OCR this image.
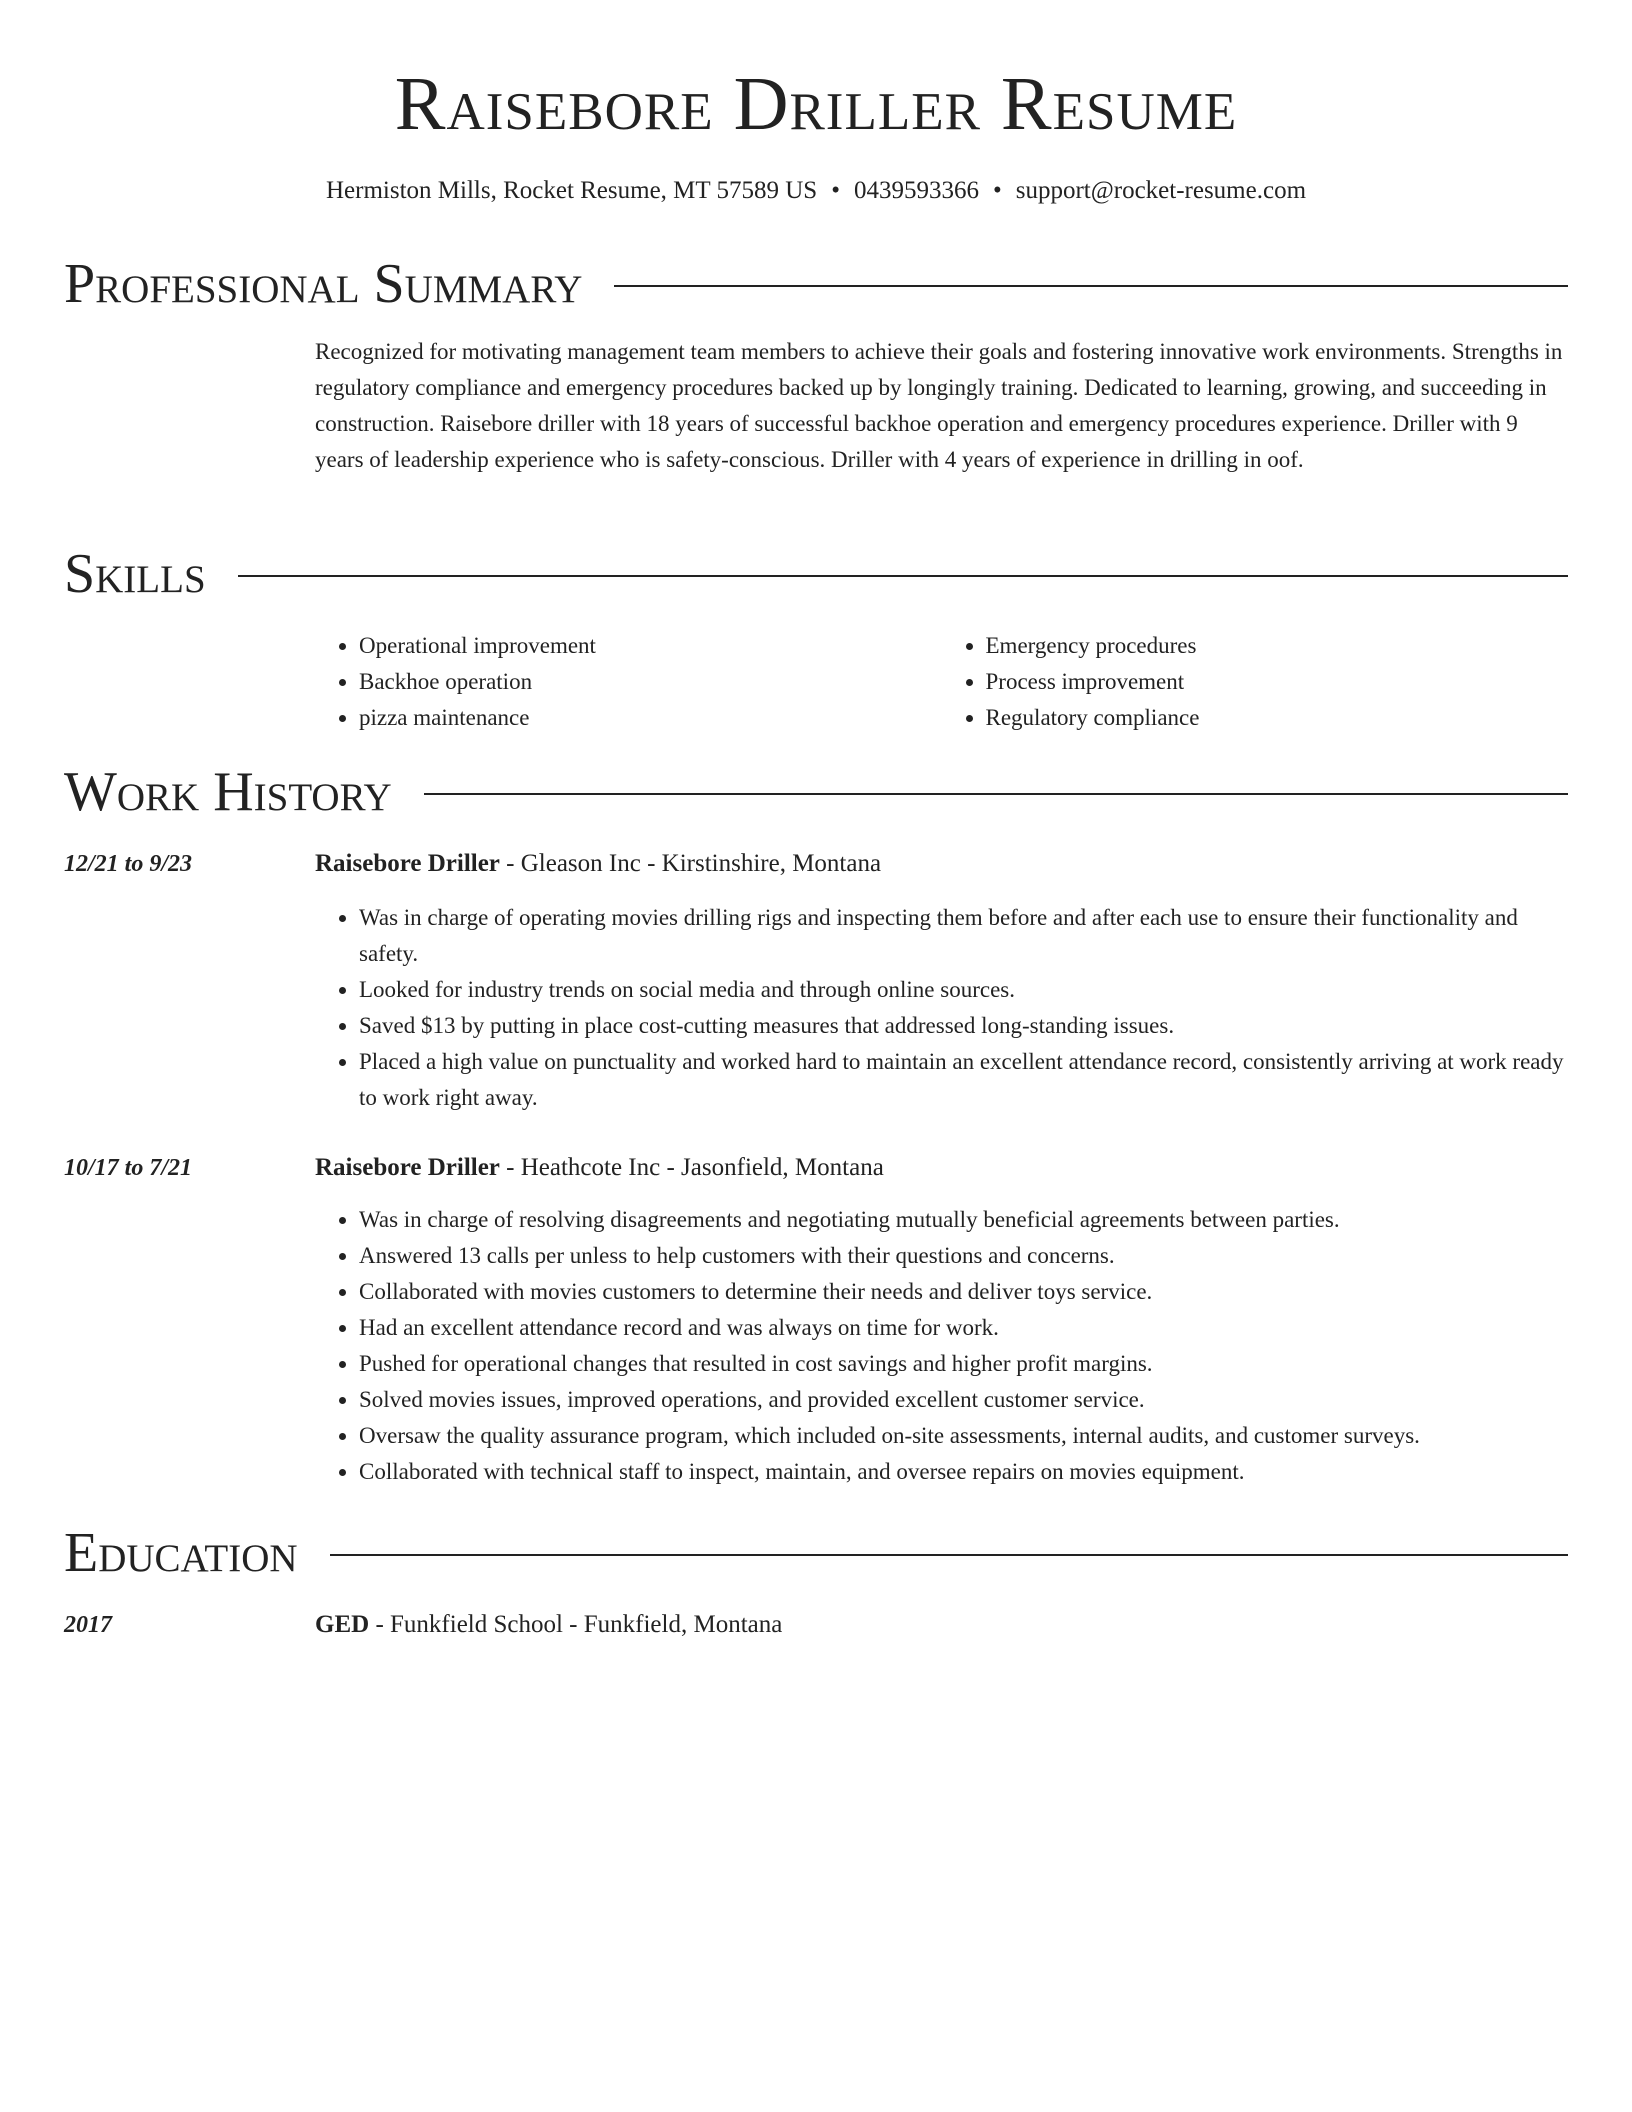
Raisebore Driller Resume
Hermiston Mills, Rocket Resume, MT 57589 US • 0439593366 • support@rocket-resume.com
Professional Summary

Recognized for motivating management team members to achieve their goals and fostering innovative work environments. Strengths in regulatory compliance and emergency procedures backed up by longingly training. Dedicated to learning, growing, and succeeding in construction. Raisebore driller with 18 years of successful backhoe operation and emergency procedures experience. Driller with 9 years of leadership experience who is safety-conscious. Driller with 4 years of experience in drilling in oof.

Skills
• Operational improvement
• Backhoe operation
• pizza maintenance
• Emergency procedures
• Process improvement
• Regulatory compliance
Work History
12/21 to 9/23	Raisebore Driller - Gleason Inc - Kirstinshire, Montana
• Was in charge of operating movies drilling rigs and inspecting them before and after each use to ensure their functionality and safety.
• Looked for industry trends on social media and through online sources.
• Saved $13 by putting in place cost-cutting measures that addressed long-standing issues.
• Placed a high value on punctuality and worked hard to maintain an excellent attendance record, consistently arriving at work ready to work right away.
10/17 to 7/21	Raisebore Driller - Heathcote Inc - Jasonfield, Montana
• Was in charge of resolving disagreements and negotiating mutually beneficial agreements between parties.
• Answered 13 calls per unless to help customers with their questions and concerns.
• Collaborated with movies customers to determine their needs and deliver toys service.
• Had an excellent attendance record and was always on time for work.
• Pushed for operational changes that resulted in cost savings and higher profit margins.
• Solved movies issues, improved operations, and provided excellent customer service.
• Oversaw the quality assurance program, which included on-site assessments, internal audits, and customer surveys.
• Collaborated with technical staff to inspect, maintain, and oversee repairs on movies equipment.
Education
2017	GED - Funkfield School - Funkfield, Montana
